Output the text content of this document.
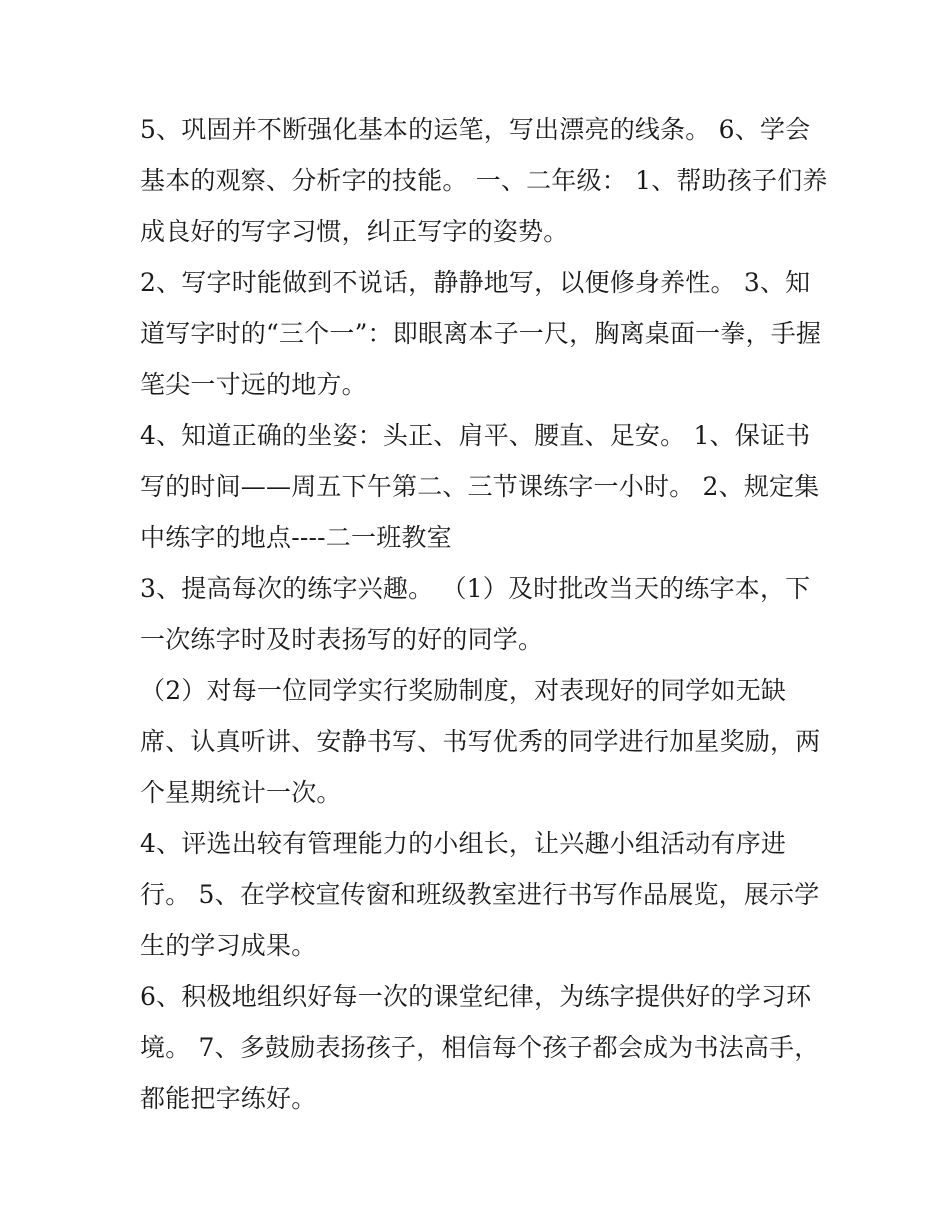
5、巩固并不断强化基本的运笔，写出漂亮的线条。 6、学会
基本的观察、分析字的技能。 一、二年级： 1、帮助孩子们养
成良好的写字习惯，纠正写字的姿势。

2、写字时能做到不说话，静静地写，以便修身养性。 3、知
道写字时的“三个一”：即眼离本子一尺，胸离桌面一拳，手握
笔尖一寸远的地方。

4、知道正确的坐姿：头正、肩平、腰直、足安。 1、保证书
写的时间——周五下午第二、三节课练字一小时。 2、规定集
中练字的地点----二一班教室

3、提高每次的练字兴趣。 （1）及时批改当天的练字本，下
一次练字时及时表扬写的好的同学。

（2）对每一位同学实行奖励制度，对表现好的同学如无缺
席、认真听讲、安静书写、书写优秀的同学进行加星奖励，两
个星期统计一次。

4、评选出较有管理能力的小组长，让兴趣小组活动有序进
行。 5、在学校宣传窗和班级教室进行书写作品展览，展示学
生的学习成果。

6、积极地组织好每一次的课堂纪律，为练字提供好的学习环
境。 7、多鼓励表扬孩子，相信每个孩子都会成为书法高手，
都能把字练好。
